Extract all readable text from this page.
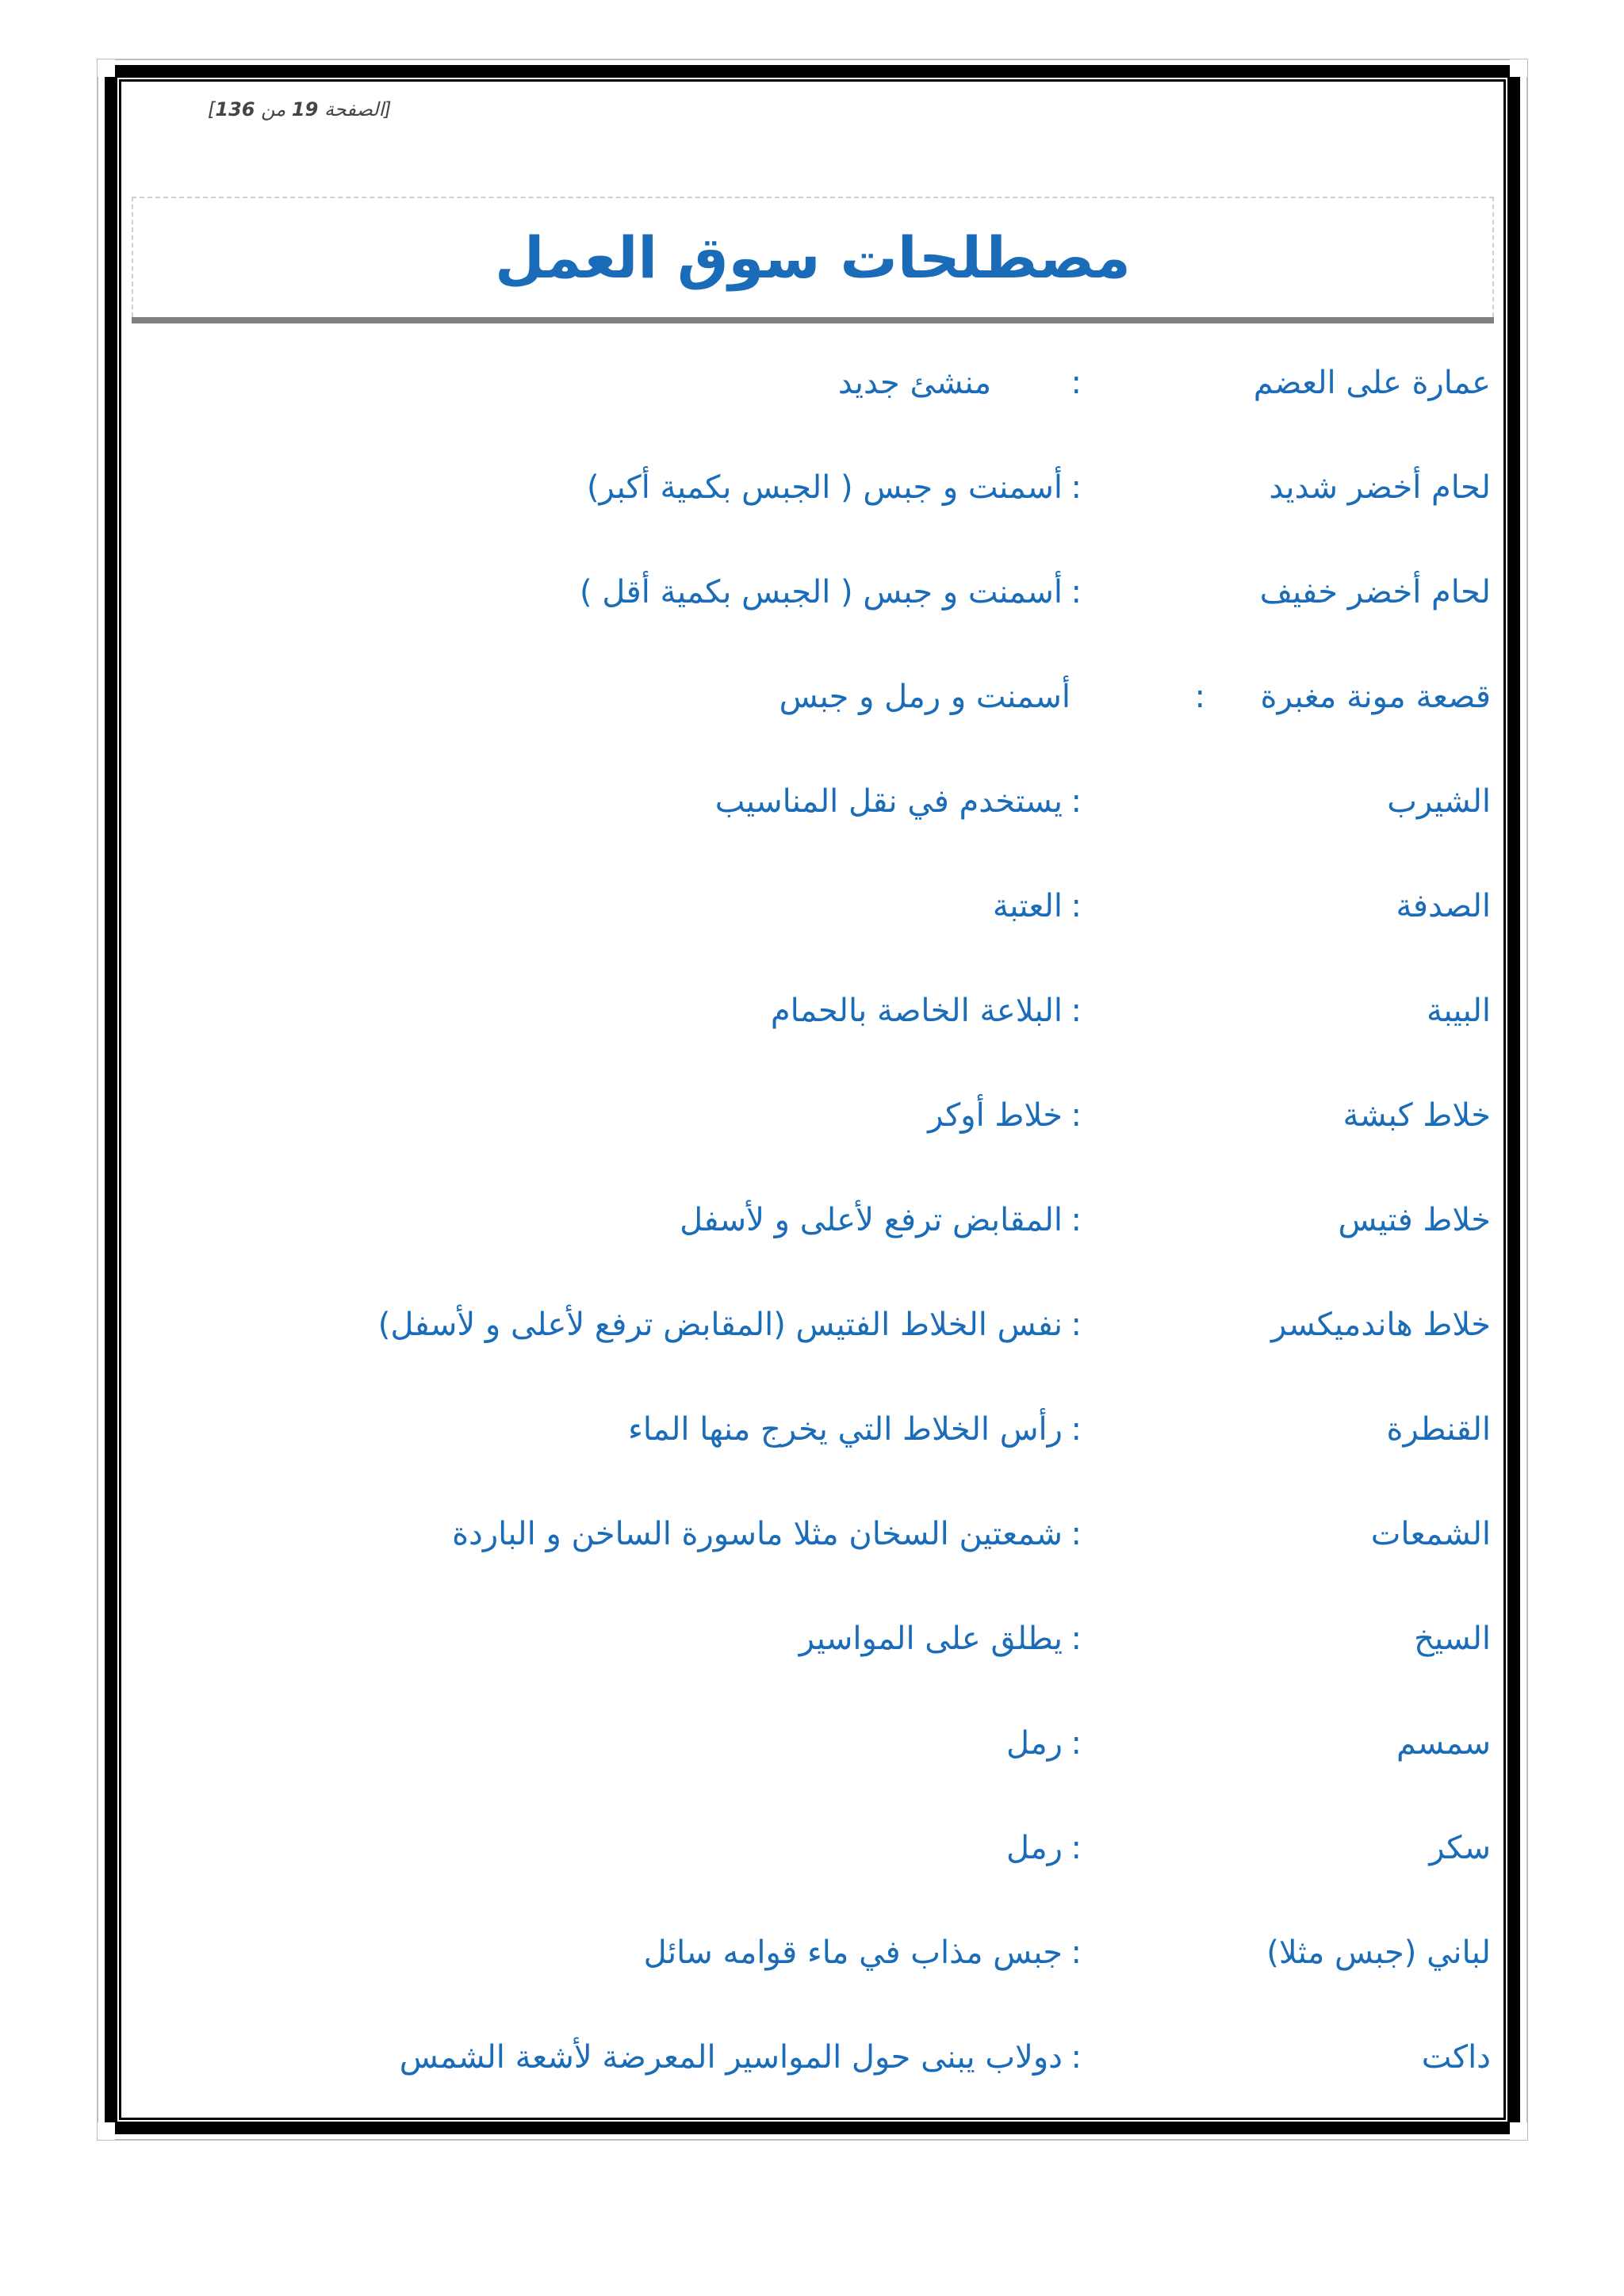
[الصفحة 19 من 136]
مصطلحات سوق العمل
عمارة على العضم
:
منشئ جديد
لحام أخضر شديد
:
أسمنت و جبس ( الجبس بكمية أكبر)
لحام أخضر خفيف
:
أسمنت و جبس ( الجبس بكمية أقل )
قصعة مونة مغبرة
:
أسمنت و رمل و جبس
الشيرب
:
يستخدم في نقل المناسيب
الصدفة
:
العتبة
البيبة
:
البلاعة الخاصة بالحمام
خلاط كبشة
:
خلاط أوكر
خلاط فتيس
:
المقابض ترفع لأعلى و لأسفل
خلاط هاندميكسر
:
نفس الخلاط الفتيس (المقابض ترفع لأعلى و لأسفل)
القنطرة
:
رأس الخلاط التي يخرج منها الماء
الشمعات
:
شمعتين السخان مثلا ماسورة الساخن و الباردة
السيخ
:
يطلق على المواسير
سمسم
:
رمل
سكر
:
رمل
لباني (جبس مثلا)
:
جبس مذاب في ماء قوامه سائل
داكت
:
دولاب يبنى حول المواسير المعرضة لأشعة الشمس
